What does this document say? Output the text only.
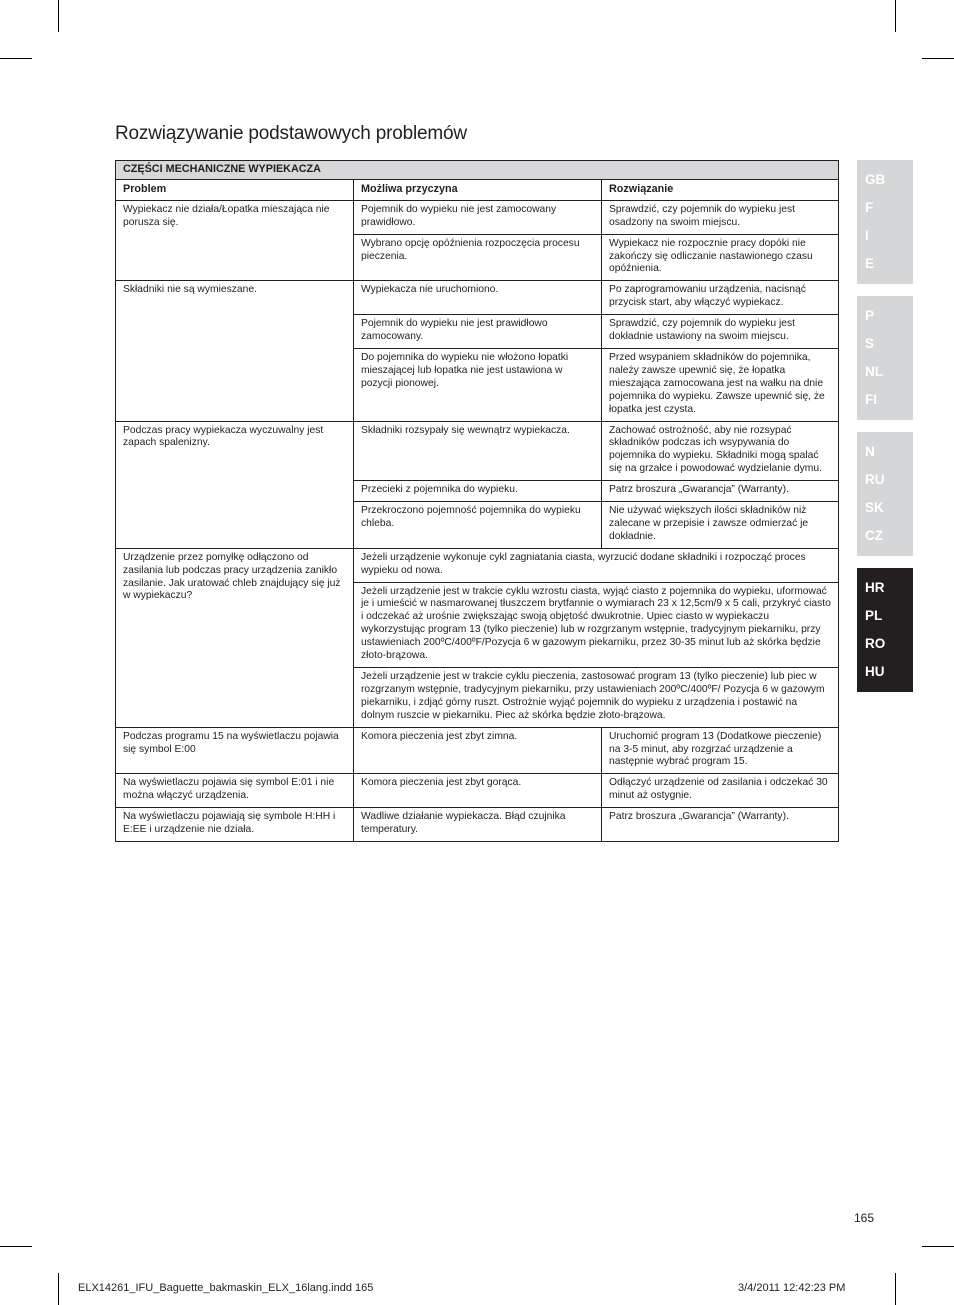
Rozwiązywanie podstawowych problemów
CZĘŚCI MECHANICZNE WYPIEKACZA		
Problem	Możliwa przyczyna	Rozwiązanie
Wypiekacz nie działa/Łopatka mieszająca nie porusza się.	Pojemnik do wypieku nie jest zamocowany prawidłowo.	Sprawdzić, czy pojemnik do wypieku jest osadzony na swoim miejscu.
	Wybrano opcję opóźnienia rozpoczęcia procesu pieczenia.	Wypiekacz nie rozpocznie pracy dopóki nie zakończy się odliczanie nastawionego czasu opóźnienia.
Składniki nie są wymieszane.	Wypiekacza nie uruchomiono.	Po zaprogramowaniu urządzenia, nacisnąć przycisk start, aby włączyć wypiekacz.
	Pojemnik do wypieku nie jest prawidłowo zamocowany.	Sprawdzić, czy pojemnik do wypieku jest dokładnie ustawiony na swoim miejscu.
	Do pojemnika do wypieku nie włożono łopatki mieszającej lub łopatka nie jest ustawiona w pozycji pionowej.	Przed wsypaniem składników do pojemnika, należy zawsze upewnić się, że łopatka mieszająca zamocowana jest na wałku na dnie pojemnika do wypieku. Zawsze upewnić się, że łopatka jest czysta.
Podczas pracy wypiekacza wyczuwalny jest zapach spalenizny.	Składniki rozsypały się wewnątrz wypiekacza.	Zachować ostrożność, aby nie rozsypać składników podczas ich wsypywania do pojemnika do wypieku. Składniki mogą spalać się na grzałce i powodować wydzielanie dymu.
	Przecieki z pojemnika do wypieku.	Patrz broszura „Gwarancja” (Warranty).
	Przekroczono pojemność pojemnika do wypieku chleba.	Nie używać większych ilości składników niż zalecane w przepisie i zawsze odmierzać je dokładnie.
Urządzenie przez pomyłkę odłączono od zasilania lub podczas pracy urządzenia zanikło zasilanie. Jak uratować chleb znajdujący się już w wypiekaczu?	Jeżeli urządzenie wykonuje cykl zagniatania ciasta, wyrzucić dodane składniki i rozpocząć proces wypieku od nowa.	
	Jeżeli urządzenie jest w trakcie cyklu wzrostu ciasta, wyjąć ciasto z pojemnika do wypieku, uformować je i umieścić w nasmarowanej tłuszczem brytfannie o wymiarach 23 x 12,5cm/9 x 5 cali, przykryć ciasto i odczekać aż urośnie zwiększając swoją objętość dwukrotnie. Upiec ciasto w wypiekaczu wykorzystując program 13 (tylko pieczenie) lub w rozgrzanym wstępnie, tradycyjnym piekarniku, przy ustawieniach 200ºC/400ºF/Pozycja 6 w gazowym piekarniku, przez 30-35 minut lub aż skórka będzie złoto-brązowa.	
	Jeżeli urządzenie jest w trakcie cyklu pieczenia, zastosować program 13 (tylko pieczenie) lub piec w rozgrzanym wstępnie, tradycyjnym piekarniku, przy ustawieniach 200ºC/400ºF/ Pozycja 6 w gazowym piekarniku, i zdjąć górny ruszt. Ostrożnie wyjąć pojemnik do wypieku z urządzenia i postawić na dolnym ruszcie w piekarniku. Piec aż skórka będzie złoto-brązowa.	
Podczas programu 15 na wyświetlaczu pojawia się symbol E:00	Komora pieczenia jest zbyt zimna.	Uruchomić program 13 (Dodatkowe pieczenie) na 3-5 minut, aby rozgrzać urządzenie a następnie wybrać program 15.
Na wyświetlaczu pojawia się symbol E:01 i nie można włączyć urządzenia.	Komora pieczenia jest zbyt gorąca.	Odłączyć urządzenie od zasilania i odczekać 30 minut aż ostygnie.
Na wyświetlaczu pojawiają się symbole H:HH i E:EE i urządzenie nie działa.	Wadliwe działanie wypiekacza. Błąd czujnika temperatury.	Patrz broszura „Gwarancja” (Warranty).
GB
F
I
E
P
S
NL
FI
N
RU
SK
CZ
HR
PL
RO
HU
165
ELX14261_IFU_Baguette_bakmaskin_ELX_16lang.indd 165	3/4/2011 12:42:23 PM
